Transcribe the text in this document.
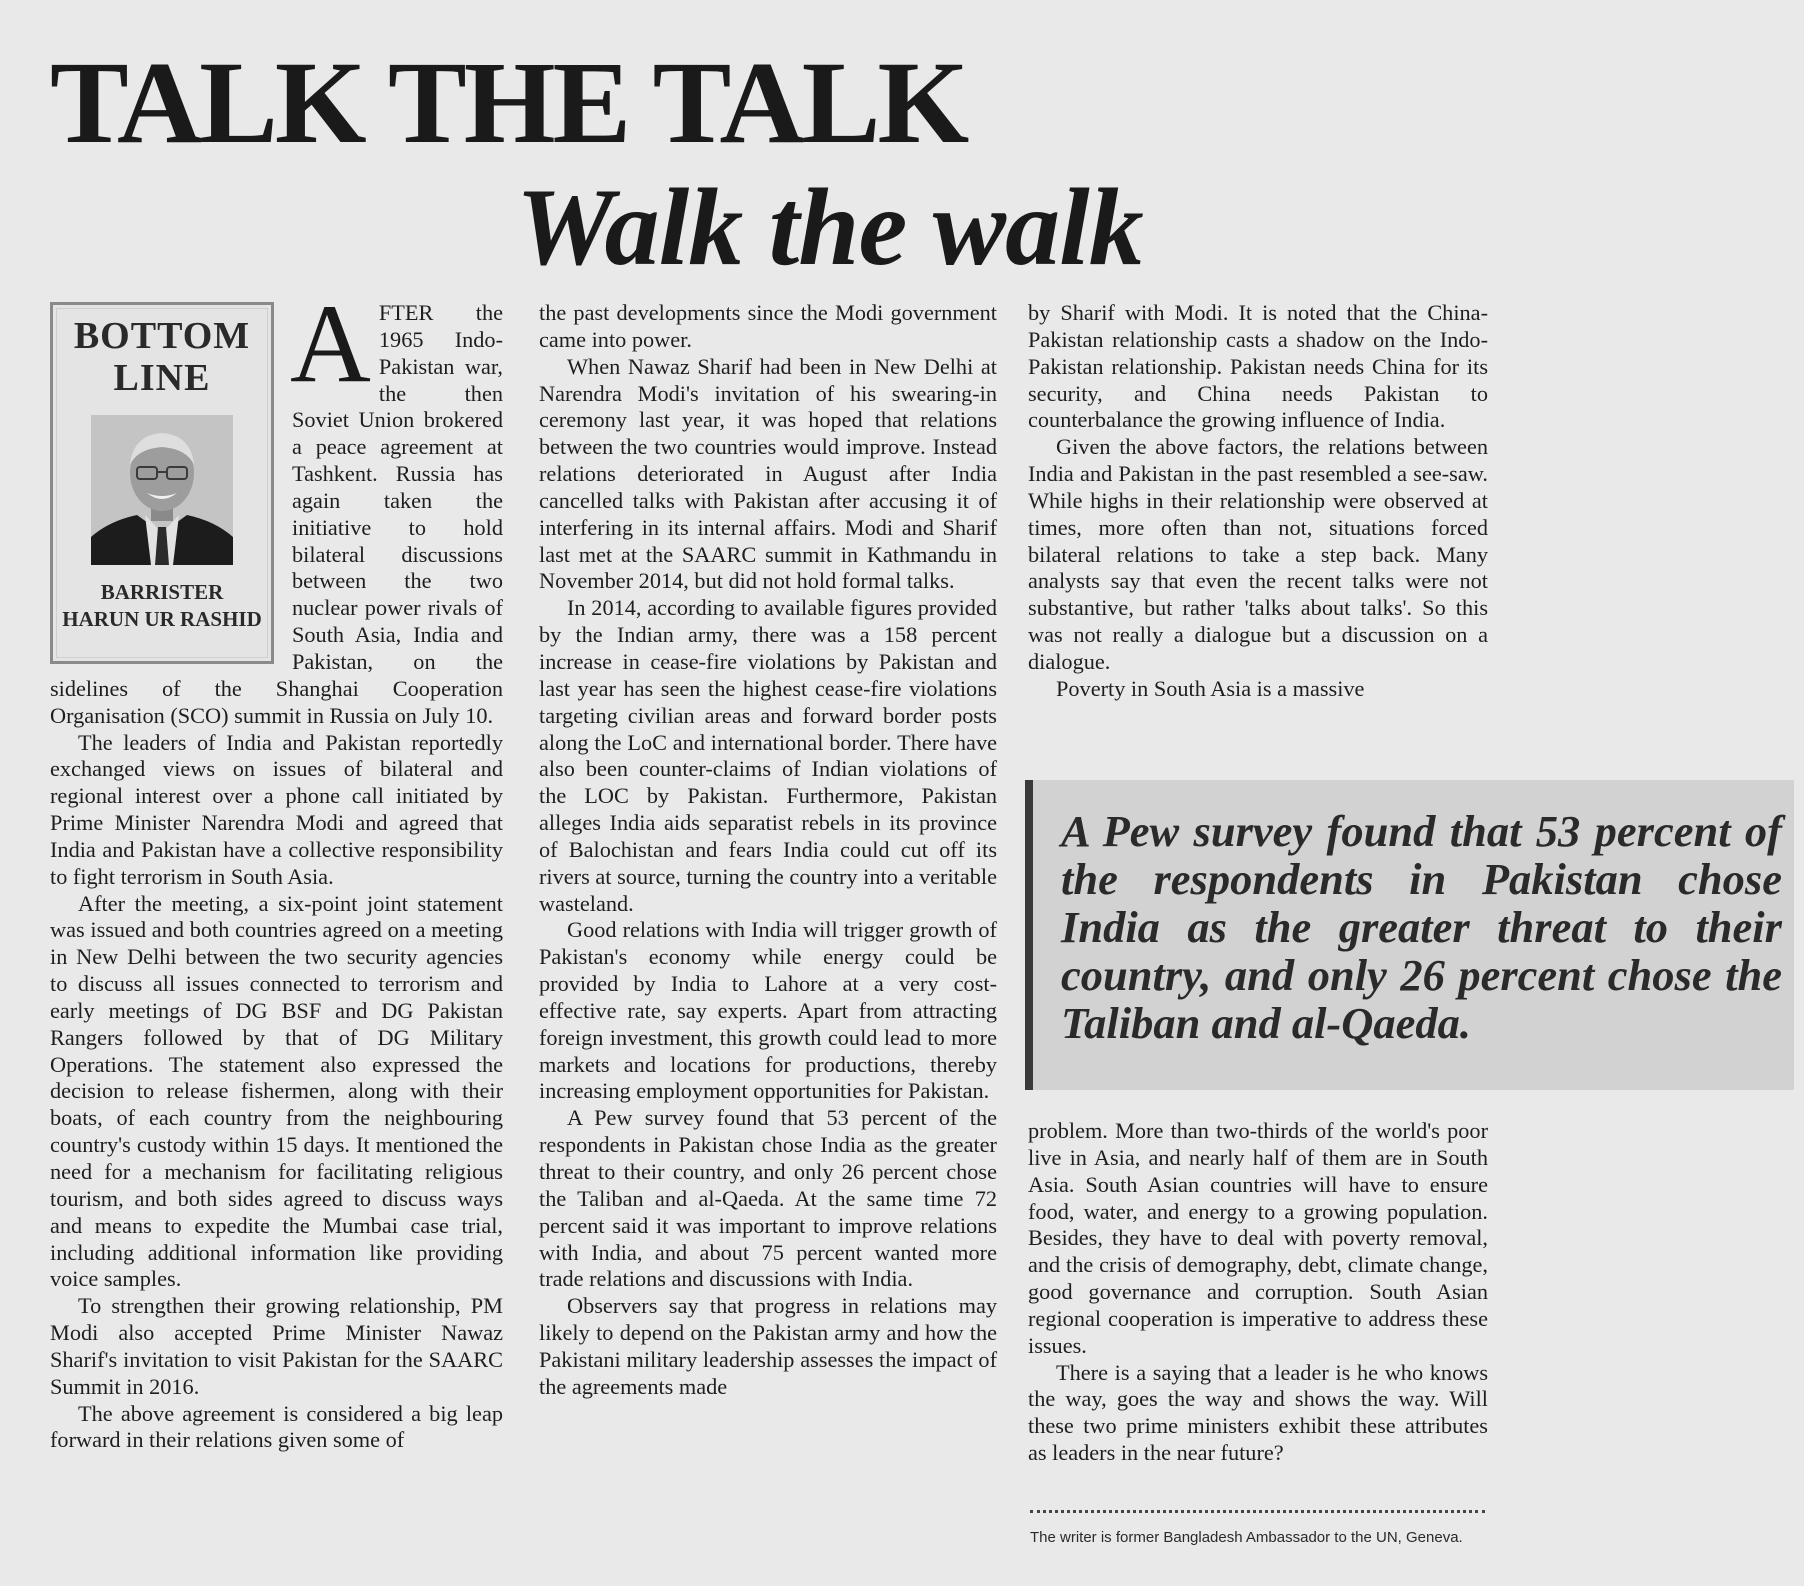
TALK THE TALK
Walk the walk
BOTTOM
LINE
BARRISTER
HARUN UR RASHID

AFTER the 1965 Indo-Pakistan war, the then Soviet Union brokered a peace agreement at Tashkent. Russia has again taken the initiative to hold bilateral discussions between the two nuclear power rivals of South Asia, India and Pakistan, on the sidelines of the Shanghai Cooperation Organisation (SCO) summit in Russia on July 10.

The leaders of India and Pakistan reportedly exchanged views on issues of bilateral and regional interest over a phone call initiated by Prime Minister Narendra Modi and agreed that India and Pakistan have a collective responsibility to fight terrorism in South Asia.

After the meeting, a six-point joint statement was issued and both countries agreed on a meeting in New Delhi between the two security agencies to discuss all issues connected to terrorism and early meetings of DG BSF and DG Pakistan Rangers followed by that of DG Military Operations. The statement also expressed the decision to release fishermen, along with their boats, of each country from the neighbouring country's custody within 15 days. It mentioned the need for a mechanism for facilitating religious tourism, and both sides agreed to discuss ways and means to expedite the Mumbai case trial, including additional information like providing voice samples.

To strengthen their growing relationship, PM Modi also accepted Prime Minister Nawaz Sharif's invitation to visit Pakistan for the SAARC Summit in 2016.

The above agreement is considered a big leap forward in their relations given some of

the past developments since the Modi government came into power.

When Nawaz Sharif had been in New Delhi at Narendra Modi's invitation of his swearing-in ceremony last year, it was hoped that relations between the two countries would improve. Instead relations deteriorated in August after India cancelled talks with Pakistan after accusing it of interfering in its internal affairs. Modi and Sharif last met at the SAARC summit in Kathmandu in November 2014, but did not hold formal talks.

In 2014, according to available figures provided by the Indian army, there was a 158 percent increase in cease-fire violations by Pakistan and last year has seen the highest cease-fire violations targeting civilian areas and forward border posts along the LoC and international border. There have also been counter-claims of Indian violations of the LOC by Pakistan. Furthermore, Pakistan alleges India aids separatist rebels in its province of Balochistan and fears India could cut off its rivers at source, turning the country into a veritable wasteland.

Good relations with India will trigger growth of Pakistan's economy while energy could be provided by India to Lahore at a very cost-effective rate, say experts. Apart from attracting foreign investment, this growth could lead to more markets and locations for productions, thereby increasing employment opportunities for Pakistan.

A Pew survey found that 53 percent of the respondents in Pakistan chose India as the greater threat to their country, and only 26 percent chose the Taliban and al-Qaeda. At the same time 72 percent said it was important to improve relations with India, and about 75 percent wanted more trade relations and discussions with India.

Observers say that progress in relations may likely to depend on the Pakistan army and how the Pakistani military leadership assesses the impact of the agreements made

by Sharif with Modi. It is noted that the China-Pakistan relationship casts a shadow on the Indo-Pakistan relationship. Pakistan needs China for its security, and China needs Pakistan to counterbalance the growing influence of India.

Given the above factors, the relations between India and Pakistan in the past resembled a see-saw. While highs in their relationship were observed at times, more often than not, situations forced bilateral relations to take a step back. Many analysts say that even the recent talks were not substantive, but rather 'talks about talks'. So this was not really a dialogue but a discussion on a dialogue.

Poverty in South Asia is a massive

A Pew survey found that 53 percent of the respondents in Pakistan chose India as the greater threat to their country, and only 26 percent chose the Taliban and al-Qaeda.

problem. More than two-thirds of the world's poor live in Asia, and nearly half of them are in South Asia. South Asian countries will have to ensure food, water, and energy to a growing population. Besides, they have to deal with poverty removal, and the crisis of demography, debt, climate change, good governance and corruption. South Asian regional cooperation is imperative to address these issues.

There is a saying that a leader is he who knows the way, goes the way and shows the way. Will these two prime ministers exhibit these attributes as leaders in the near future?

The writer is former Bangladesh Ambassador to the UN, Geneva.
